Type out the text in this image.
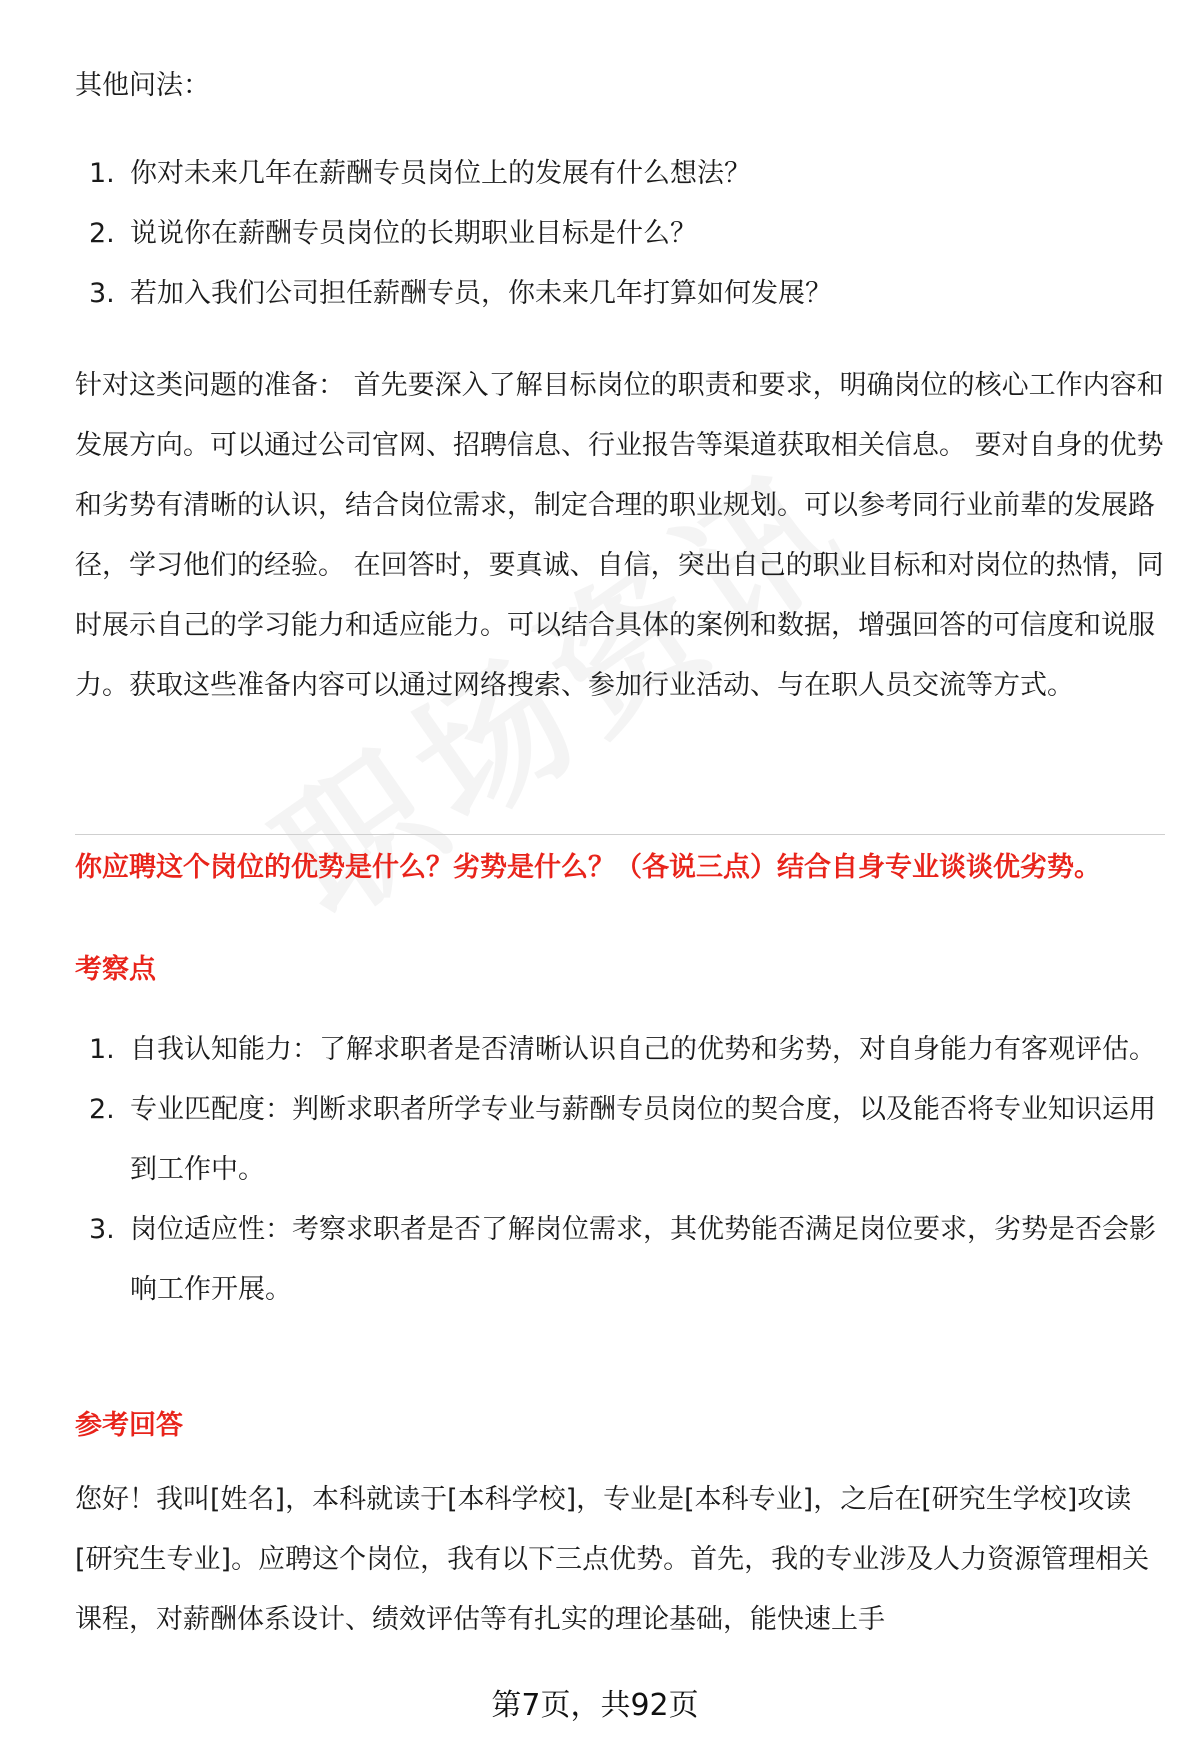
其他问法：

1. 你对未来几年在薪酬专员岗位上的发展有什么想法？
2. 说说你在薪酬专员岗位的长期职业目标是什么？
3. 若加入我们公司担任薪酬专员，你未来几年打算如何发展？

针对这类问题的准备： 首先要深入了解目标岗位的职责和要求，明确岗位的核心工作内容和发展方向。可以通过公司官网、招聘信息、行业报告等渠道获取相关信息。 要对自身的优势和劣势有清晰的认识，结合岗位需求，制定合理的职业规划。可以参考同行业前辈的发展路径，学习他们的经验。 在回答时，要真诚、自信，突出自己的职业目标和对岗位的热情，同时展示自己的学习能力和适应能力。可以结合具体的案例和数据，增强回答的可信度和说服力。获取这些准备内容可以通过网络搜索、参加行业活动、与在职人员交流等方式。

你应聘这个岗位的优势是什么？劣势是什么？（各说三点）结合自身专业谈谈优劣势。

考察点

1. 自我认知能力：了解求职者是否清晰认识自己的优势和劣势，对自身能力有客观评估。
2. 专业匹配度：判断求职者所学专业与薪酬专员岗位的契合度，以及能否将专业知识运用到工作中。
3. 岗位适应性：考察求职者是否了解岗位需求，其优势能否满足岗位要求，劣势是否会影响工作开展。

参考回答

您好！我叫[姓名]，本科就读于[本科学校]，专业是[本科专业]，之后在[研究生学校]攻读[研究生专业]。应聘这个岗位，我有以下三点优势。首先，我的专业涉及人力资源管理相关课程，对薪酬体系设计、绩效评估等有扎实的理论基础，能快速上手

第7页，共92页
